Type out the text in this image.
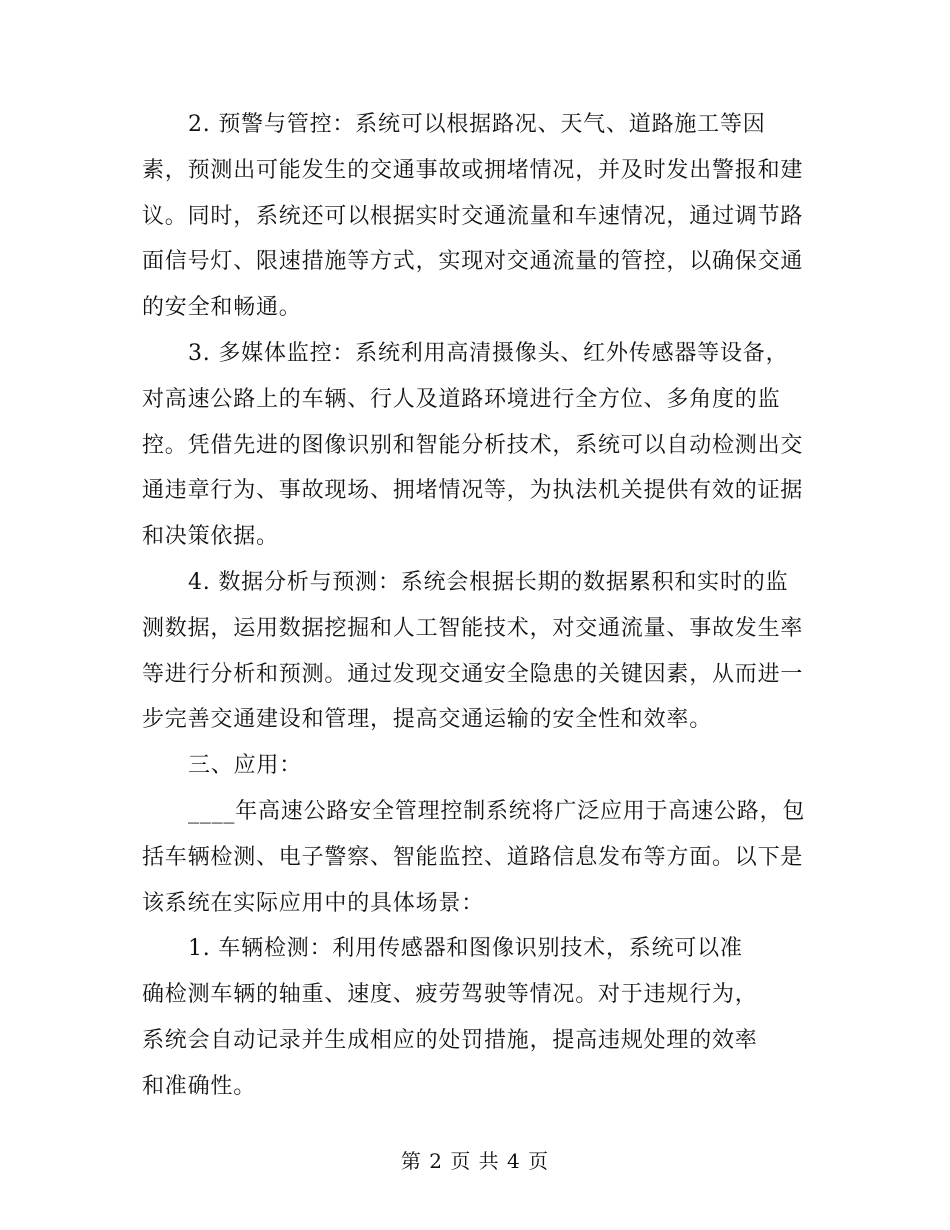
2. 预警与管控：系统可以根据路况、天气、道路施工等因素，预测出可能发生的交通事故或拥堵情况，并及时发出警报和建议。同时，系统还可以根据实时交通流量和车速情况，通过调节路面信号灯、限速措施等方式，实现对交通流量的管控，以确保交通的安全和畅通。

3. 多媒体监控：系统利用高清摄像头、红外传感器等设备，对高速公路上的车辆、行人及道路环境进行全方位、多角度的监控。凭借先进的图像识别和智能分析技术，系统可以自动检测出交通违章行为、事故现场、拥堵情况等，为执法机关提供有效的证据和决策依据。

4. 数据分析与预测：系统会根据长期的数据累积和实时的监测数据，运用数据挖掘和人工智能技术，对交通流量、事故发生率等进行分析和预测。通过发现交通安全隐患的关键因素，从而进一步完善交通建设和管理，提高交通运输的安全性和效率。

三、应用：

____年高速公路安全管理控制系统将广泛应用于高速公路，包括车辆检测、电子警察、智能监控、道路信息发布等方面。以下是该系统在实际应用中的具体场景：

1. 车辆检测：利用传感器和图像识别技术，系统可以准确检测车辆的轴重、速度、疲劳驾驶等情况。对于违规行为，系统会自动记录并生成相应的处罚措施，提高违规处理的效率和准确性。

第 2 页 共 4 页
